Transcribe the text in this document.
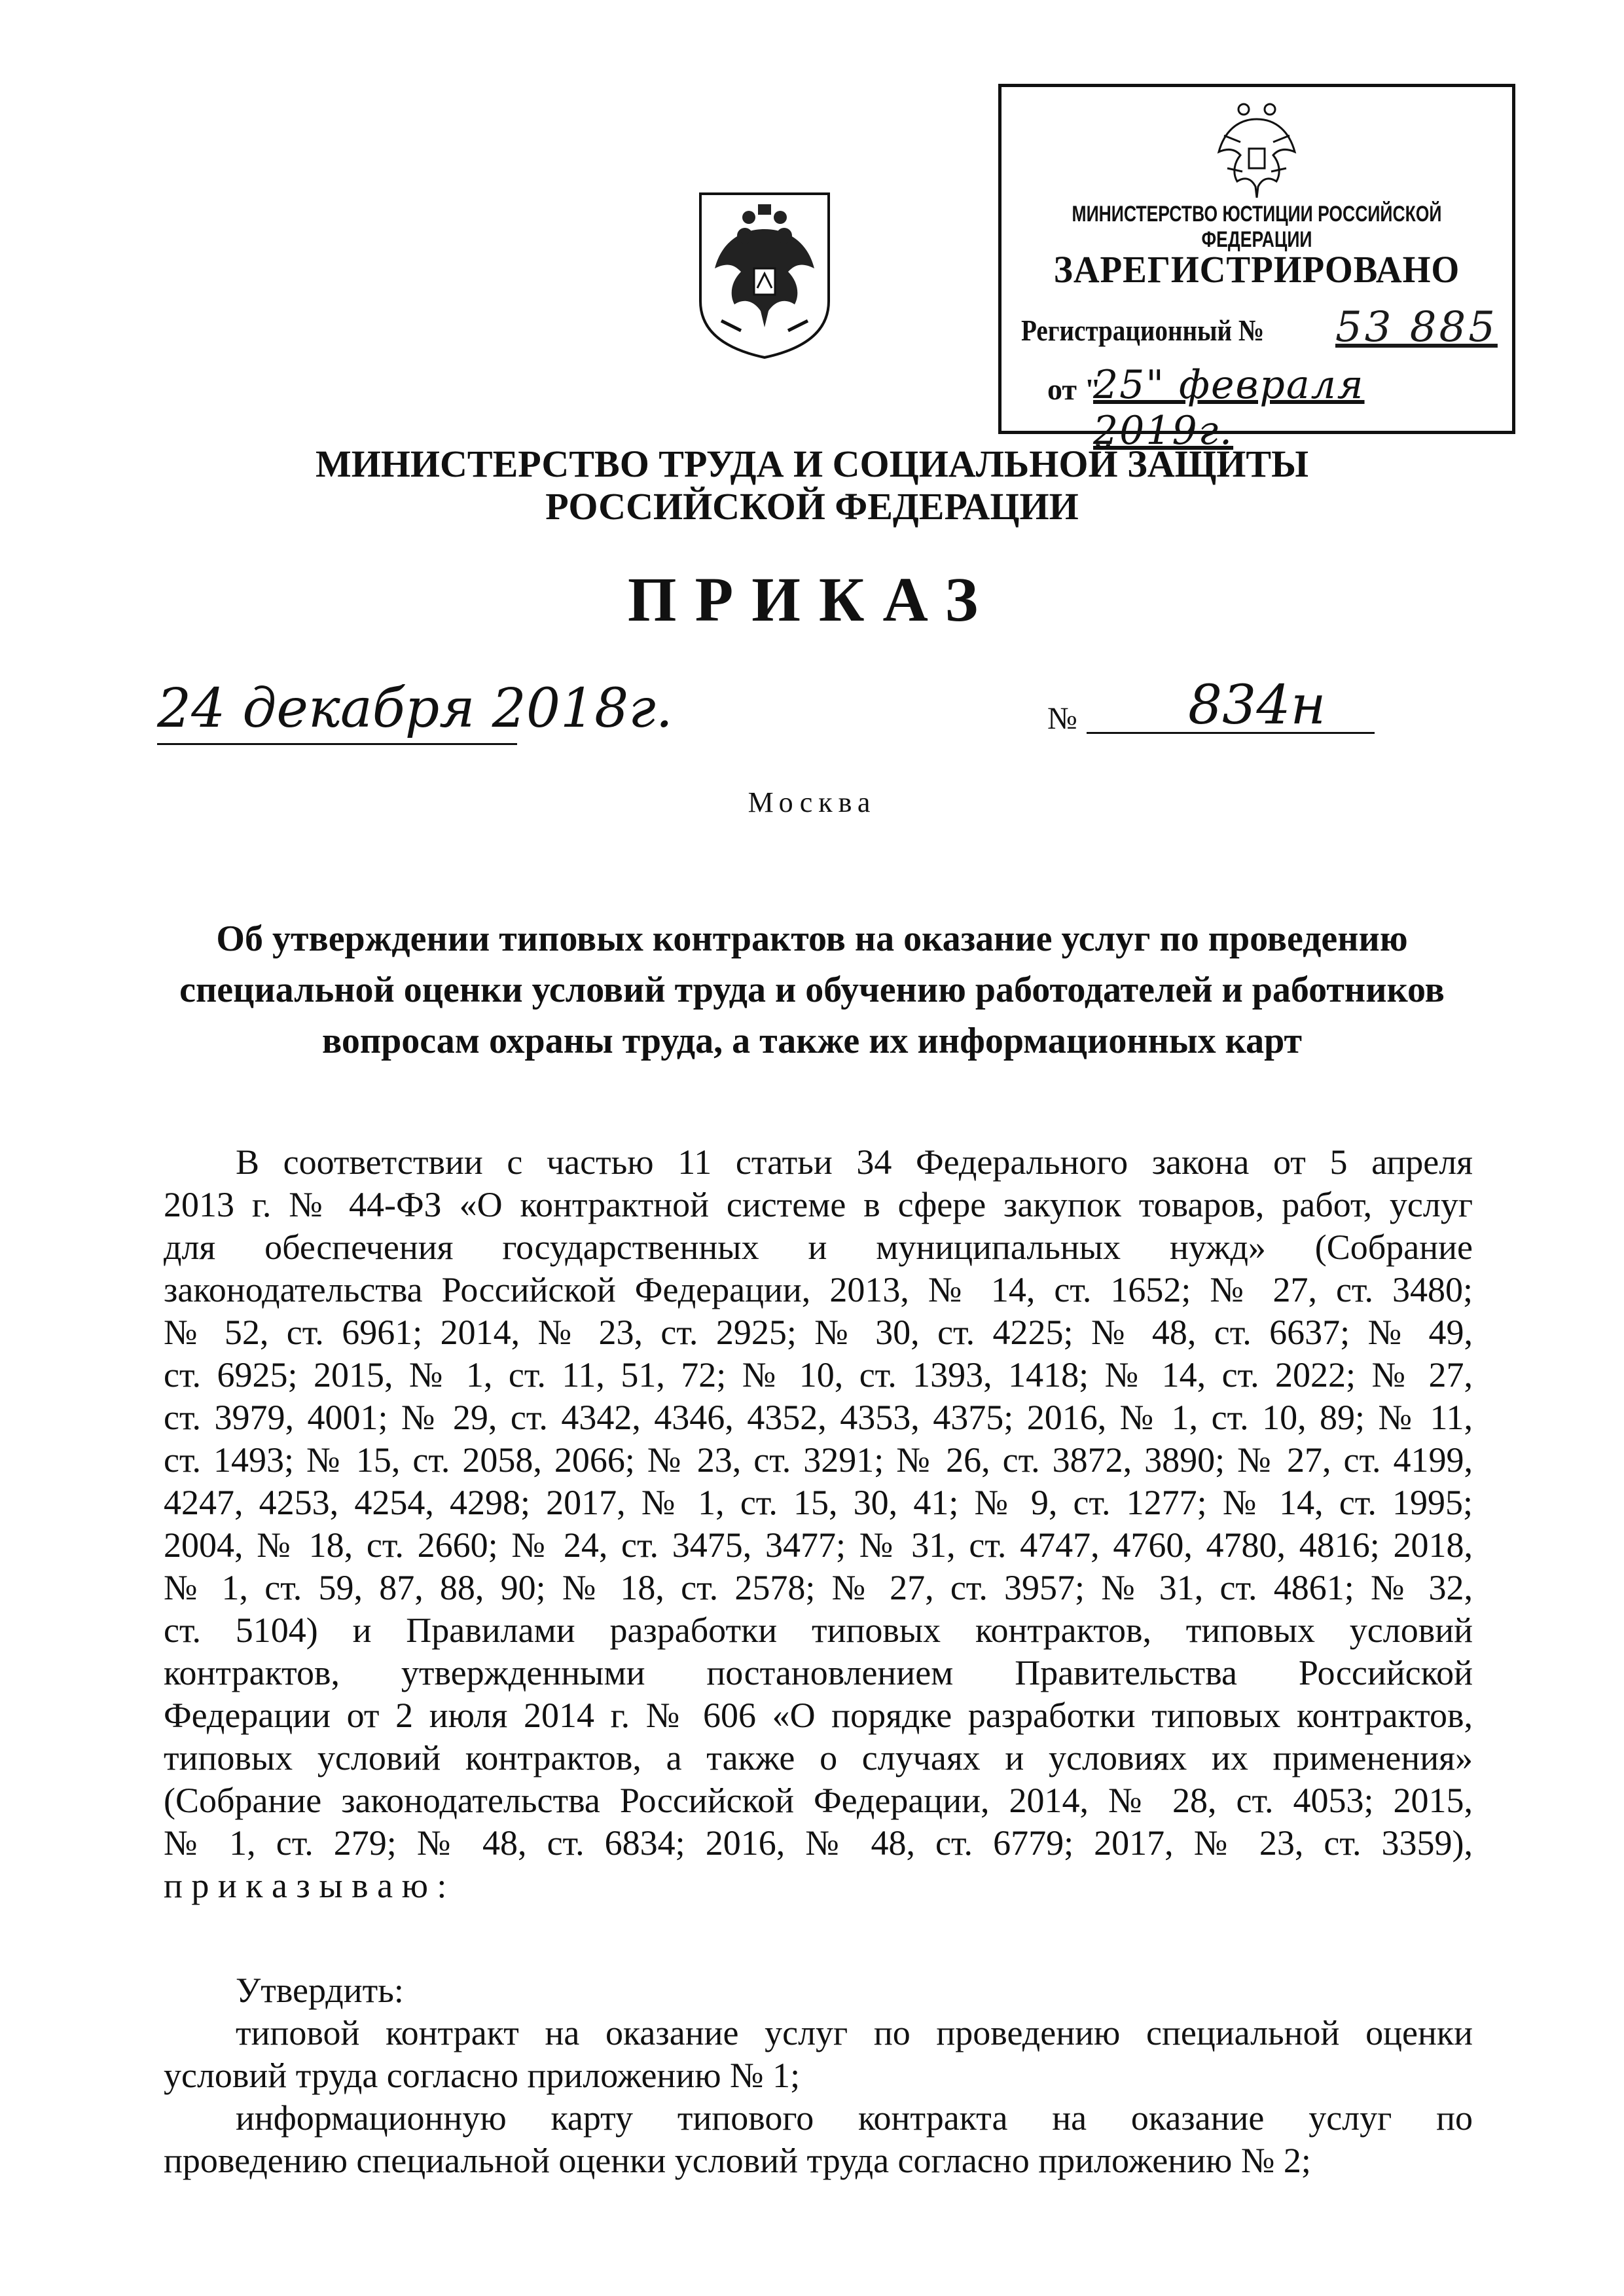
МИНИСТЕРСТВО ЮСТИЦИИ РОССИЙСКОЙ ФЕДЕРАЦИИ
ЗАРЕГИСТРИРОВАНО
Регистрационный № 53 885
от "
25" февраля 2019г.
МИНИСТЕРСТВО ТРУДА И СОЦИАЛЬНОЙ ЗАЩИТЫ
РОССИЙСКОЙ ФЕДЕРАЦИИ
ПРИКАЗ
24 декабря 2018г.	№ 834н
Москва
Об утверждении типовых контрактов на оказание услуг по проведению
специальной оценки условий труда и обучению работодателей и работников
вопросам охраны труда, а также их информационных карт
В соответствии с частью 11 статьи 34 Федерального закона от 5 апреля
2013 г. № 44-ФЗ «О контрактной системе в сфере закупок товаров, работ, услуг
для обеспечения государственных и муниципальных нужд» (Собрание
законодательства Российской Федерации, 2013, № 14, ст. 1652; № 27, ст. 3480;
№ 52, ст. 6961; 2014, № 23, ст. 2925; № 30, ст. 4225; № 48, ст. 6637; № 49,
ст. 6925; 2015, № 1, ст. 11, 51, 72; № 10, ст. 1393, 1418; № 14, ст. 2022; № 27,
ст. 3979, 4001; № 29, ст. 4342, 4346, 4352, 4353, 4375; 2016, № 1, ст. 10, 89; № 11,
ст. 1493; № 15, ст. 2058, 2066; № 23, ст. 3291; № 26, ст. 3872, 3890; № 27, ст. 4199,
4247, 4253, 4254, 4298; 2017, № 1, ст. 15, 30, 41; № 9, ст. 1277; № 14, ст. 1995;
2004, № 18, ст. 2660; № 24, ст. 3475, 3477; № 31, ст. 4747, 4760, 4780, 4816; 2018,
№ 1, ст. 59, 87, 88, 90; № 18, ст. 2578; № 27, ст. 3957; № 31, ст. 4861; № 32,
ст. 5104) и Правилами разработки типовых контрактов, типовых условий
контрактов, утвержденными постановлением Правительства Российской
Федерации от 2 июля 2014 г. № 606 «О порядке разработки типовых контрактов,
типовых условий контрактов, а также о случаях и условиях их применения»
(Собрание законодательства Российской Федерации, 2014, № 28, ст. 4053; 2015,
№ 1, ст. 279; № 48, ст. 6834; 2016, № 48, ст. 6779; 2017, № 23, ст. 3359),
п р и к а з ы в а ю :
Утвердить:
типовой контракт на оказание услуг по проведению специальной оценки
условий труда согласно приложению № 1;
информационную карту типового контракта на оказание услуг по
проведению специальной оценки условий труда согласно приложению № 2;
